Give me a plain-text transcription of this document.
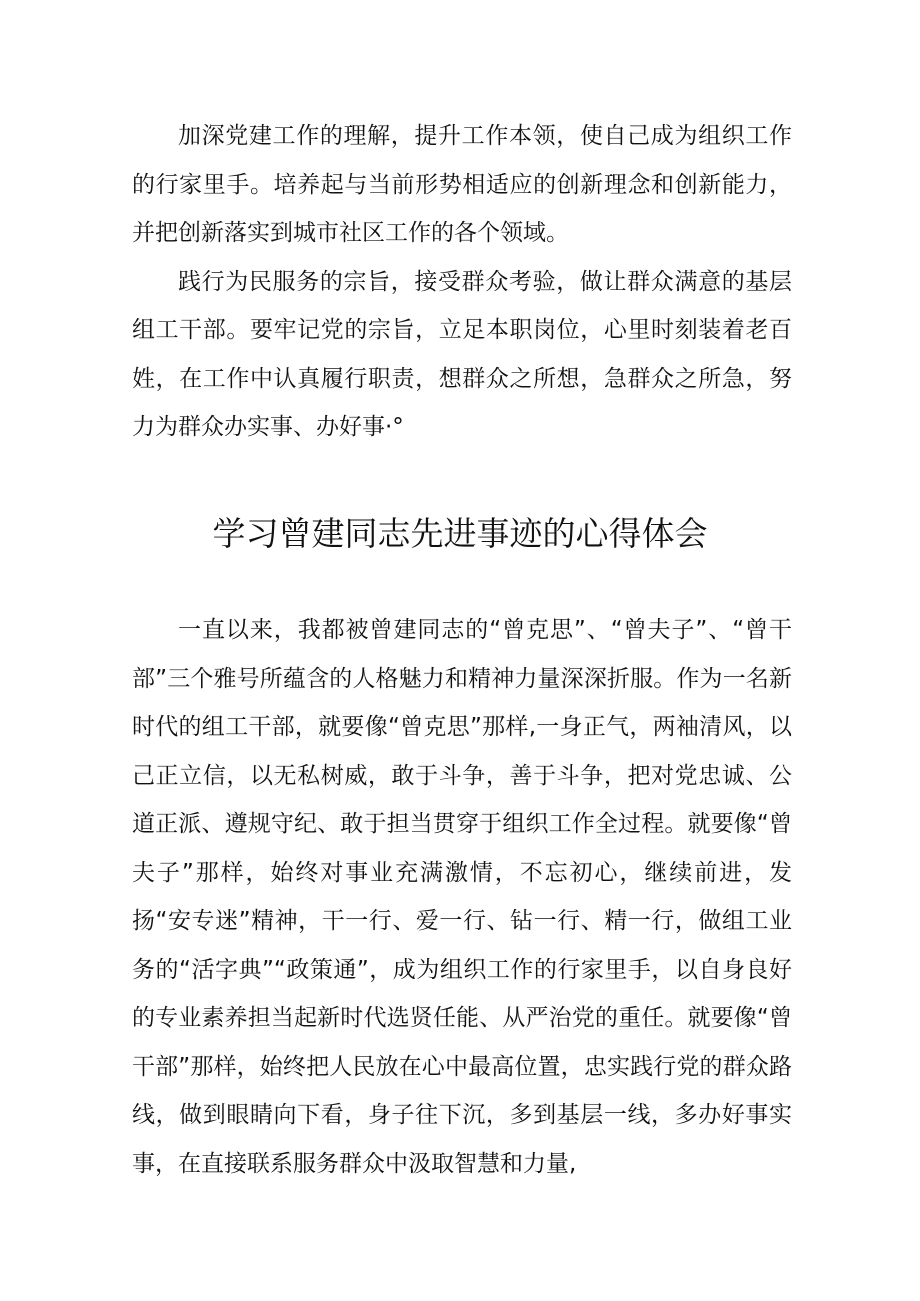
加深党建工作的理解，提升工作本领，使自己成为组织工作的行家里手。培养起与当前形势相适应的创新理念和创新能力，并把创新落实到城市社区工作的各个领域。

践行为民服务的宗旨，接受群众考验，做让群众满意的基层组工干部。要牢记党的宗旨，立足本职岗位，心里时刻装着老百姓，在工作中认真履行职责，想群众之所想，急群众之所急，努力为群众办实事、办好事·°

学习曾建同志先进事迹的心得体会

一直以来，我都被曾建同志的“曾克思”、“曾夫子”、“曾干部”三个雅号所蕴含的人格魅力和精神力量深深折服。作为一名新时代的组工干部，就要像“曾克思”那样,一身正气，两袖清风，以己正立信，以无私树威，敢于斗争，善于斗争，把对党忠诚、公道正派、遵规守纪、敢于担当贯穿于组织工作全过程。就要像“曾夫子”那样，始终对事业充满激情，不忘初心，继续前进，发扬“安专迷”精神，干一行、爱一行、钻一行、精一行，做组工业务的“活字典”“政策通”，成为组织工作的行家里手，以自身良好的专业素养担当起新时代选贤任能、从严治党的重任。就要像“曾干部”那样，始终把人民放在心中最高位置，忠实践行党的群众路线，做到眼睛向下看，身子往下沉，多到基层一线，多办好事实事，在直接联系服务群众中汲取智慧和力量,
